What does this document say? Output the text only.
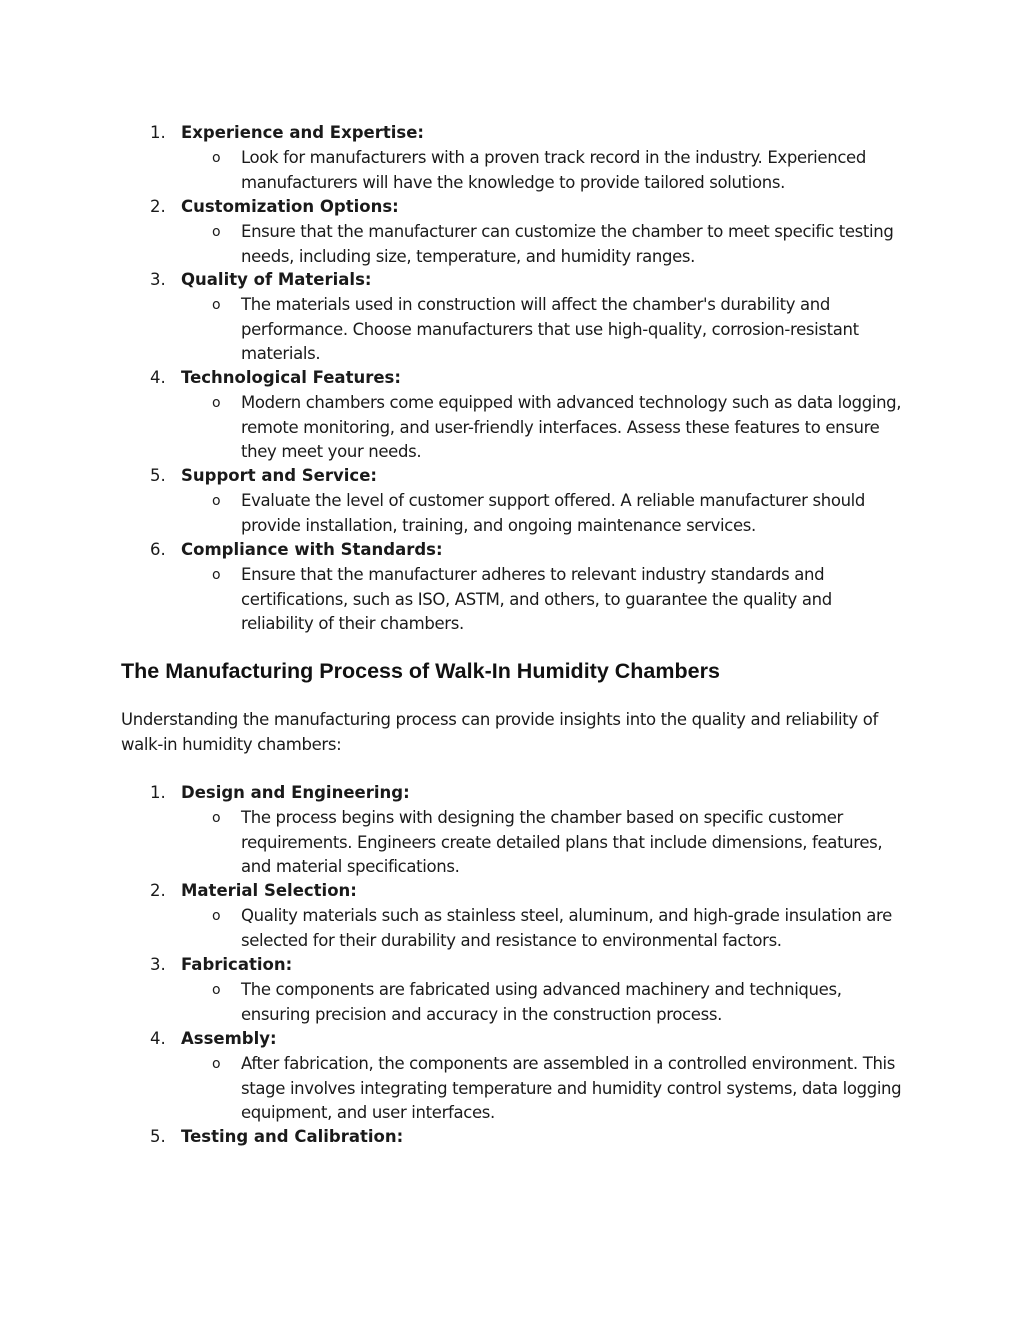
1. Experience and Expertise:
o Look for manufacturers with a proven track record in the industry. Experienced manufacturers will have the knowledge to provide tailored solutions.
2. Customization Options:
o Ensure that the manufacturer can customize the chamber to meet specific testing needs, including size, temperature, and humidity ranges.
3. Quality of Materials:
o The materials used in construction will affect the chamber's durability and performance. Choose manufacturers that use high-quality, corrosion-resistant materials.
4. Technological Features:
o Modern chambers come equipped with advanced technology such as data logging, remote monitoring, and user-friendly interfaces. Assess these features to ensure they meet your needs.
5. Support and Service:
o Evaluate the level of customer support offered. A reliable manufacturer should provide installation, training, and ongoing maintenance services.
6. Compliance with Standards:
o Ensure that the manufacturer adheres to relevant industry standards and certifications, such as ISO, ASTM, and others, to guarantee the quality and reliability of their chambers.
The Manufacturing Process of Walk-In Humidity Chambers
Understanding the manufacturing process can provide insights into the quality and reliability of walk-in humidity chambers:
1. Design and Engineering:
o The process begins with designing the chamber based on specific customer requirements. Engineers create detailed plans that include dimensions, features, and material specifications.
2. Material Selection:
o Quality materials such as stainless steel, aluminum, and high-grade insulation are selected for their durability and resistance to environmental factors.
3. Fabrication:
o The components are fabricated using advanced machinery and techniques, ensuring precision and accuracy in the construction process.
4. Assembly:
o After fabrication, the components are assembled in a controlled environment. This stage involves integrating temperature and humidity control systems, data logging equipment, and user interfaces.
5. Testing and Calibration:
